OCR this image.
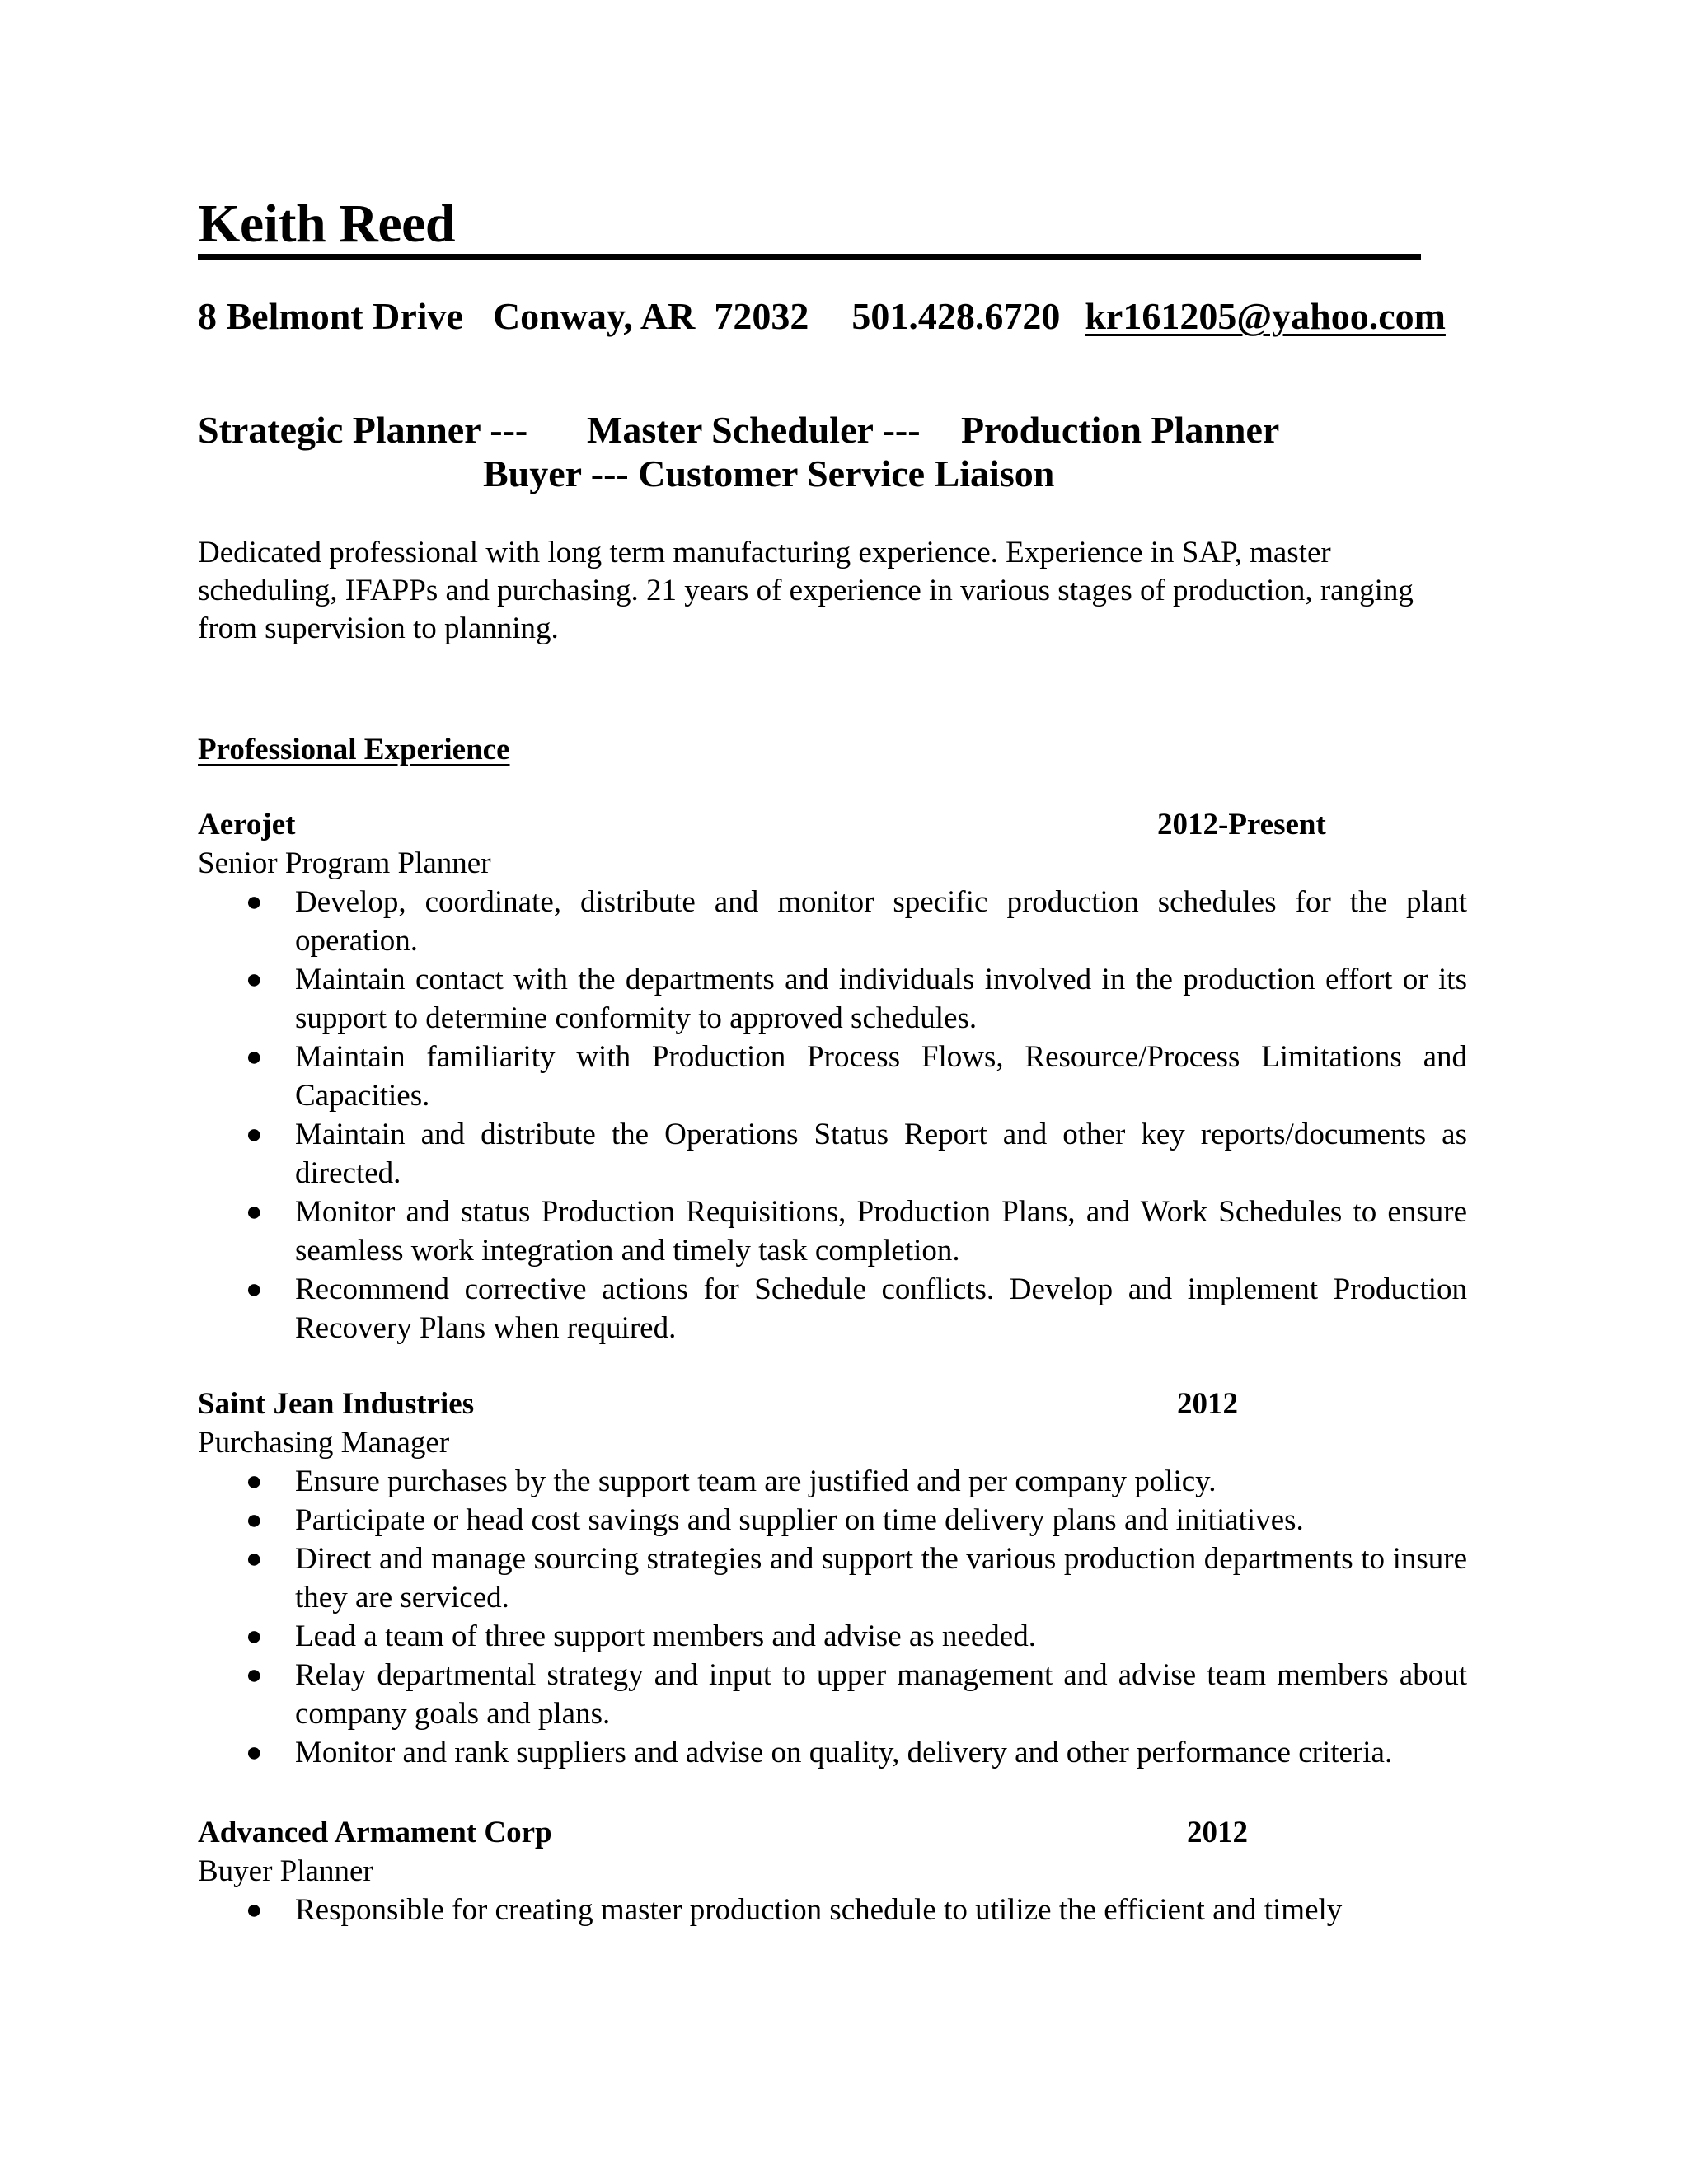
Keith Reed
8 Belmont Drive Conway, AR  72032 501.428.6720 kr161205@yahoo.com
Strategic Planner --- Master Scheduler --- Production Planner
Buyer --- Customer Service Liaison

Dedicated professional with long term manufacturing experience. Experience in SAP, master scheduling, IFAPPs and purchasing. 21 years of experience in various stages of production, ranging from supervision to planning.

Professional Experience
Aerojet	2012-Present
Senior Program Planner
● Develop, coordinate, distribute and monitor specific production schedules for the plant operation.
● Maintain contact with the departments and individuals involved in the production effort or its support to determine conformity to approved schedules.
● Maintain familiarity with Production Process Flows, Resource/Process Limitations and Capacities.
● Maintain and distribute the Operations Status Report and other key reports/documents as directed.
● Monitor and status Production Requisitions, Production Plans, and Work Schedules to ensure seamless work integration and timely task completion.
● Recommend corrective actions for Schedule conflicts. Develop and implement Production Recovery Plans when required.
Saint Jean Industries	2012
Purchasing Manager
● Ensure purchases by the support team are justified and per company policy.
● Participate or head cost savings and supplier on time delivery plans and initiatives.
● Direct and manage sourcing strategies and support the various production departments to insure they are serviced.
● Lead a team of three support members and advise as needed.
● Relay departmental strategy and input to upper management and advise team members about company goals and plans.
● Monitor and rank suppliers and advise on quality, delivery and other performance criteria.
Advanced Armament Corp	2012
Buyer Planner
● Responsible for creating master production schedule to utilize the efficient and timely
